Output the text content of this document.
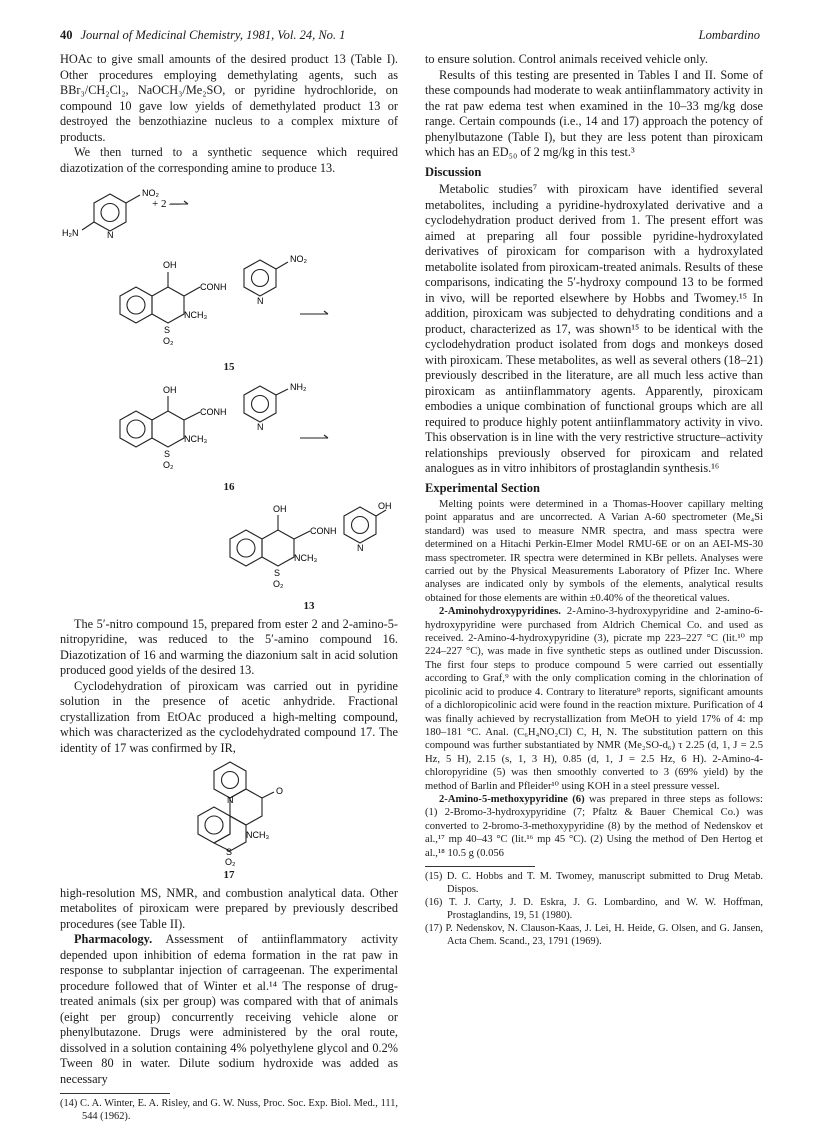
40 Journal of Medicinal Chemistry, 1981, Vol. 24, No. 1	Lombardino

HOAc to give small amounts of the desired product 13 (Table I). Other procedures employing demethylating agents, such as BBr₃/CH₂Cl₂, NaOCH₃/Me₂SO, or pyridine hydrochloride, on compound 10 gave low yields of demethylated product 13 or destroyed the benzothiazine nucleus to a complex mixture of products.

We then turned to a synthetic sequence which required diazotization of the corresponding amine to produce 13.

NO₂
H₂N	N
+ 2 —
OH
CONH
NO₂
N
NCH₃
S
O₂
15
OH
CONH
NH₂
N
NCH₃
S
O₂
16
OH
CONH
OH
N
NCH₃
S
O₂
13

The 5′-nitro compound 15, prepared from ester 2 and 2-amino-5-nitropyridine, was reduced to the 5′-amino compound 16. Diazotization of 16 and warming the diazonium salt in acid solution produced good yields of the desired 13.

Cyclodehydration of piroxicam was carried out in pyridine solution in the presence of acetic anhydride. Fractional crystallization from EtOAc produced a high-melting compound, which was characterized as the cyclodehydrated compound 17. The identity of 17 was confirmed by IR,

N
O
NCH₃
S
O₂
17

high-resolution MS, NMR, and combustion analytical data. Other metabolites of piroxicam were prepared by previously described procedures (see Table II).

Pharmacology. Assessment of antiinflammatory activity depended upon inhibition of edema formation in the rat paw in response to subplantar injection of carrageenan. The experimental procedure followed that of Winter et al.¹⁴ The response of drug-treated animals (six per group) was compared with that of animals (eight per group) concurrently receiving vehicle alone or phenylbutazone. Drugs were administered by the oral route, dissolved in a solution containing 4% polyethylene glycol and 0.2% Tween 80 in water. Dilute sodium hydroxide was added as necessary

(14) C. A. Winter, E. A. Risley, and G. W. Nuss, Proc. Soc. Exp. Biol. Med., 111, 544 (1962).

to ensure solution. Control animals received vehicle only.

Results of this testing are presented in Tables I and II. Some of these compounds had moderate to weak antiinflammatory activity in the rat paw edema test when examined in the 10–33 mg/kg dose range. Certain compounds (i.e., 14 and 17) approach the potency of phenylbutazone (Table I), but they are less potent than piroxicam which has an ED₅₀ of 2 mg/kg in this test.³

Discussion

Metabolic studies⁷ with piroxicam have identified several metabolites, including a pyridine-hydroxylated derivative and a cyclodehydration product derived from 1. The present effort was aimed at preparing all four possible pyridine-hydroxylated derivatives of piroxicam for comparison with a hydroxylated metabolite isolated from piroxicam-treated animals. Results of these comparisons, indicating the 5′-hydroxy compound 13 to be formed in vivo, will be reported elsewhere by Hobbs and Twomey.¹⁵ In addition, piroxicam was subjected to dehydrating conditions and a product, characterized as 17, was shown¹⁵ to be identical with the cyclodehydration product isolated from dogs and monkeys dosed with piroxicam. These metabolites, as well as several others (18–21) previously described in the literature, are all much less active than piroxicam as antiinflammatory agents. Apparently, piroxicam embodies a unique combination of functional groups which are all required to produce highly potent antiinflammatory activity in vivo. This observation is in line with the very restrictive structure–activity relationships previously observed for piroxicam and related analogues as in vitro inhibitors of prostaglandin synthesis.¹⁶

Experimental Section

Melting points were determined in a Thomas-Hoover capillary melting point apparatus and are uncorrected. A Varian A-60 spectrometer (Me₄Si standard) was used to measure NMR spectra, and mass spectra were determined on a Hitachi Perkin-Elmer Model RMU-6E or on an AEI-MS-30 mass spectrometer. IR spectra were determined in KBr pellets. Analyses were carried out by the Physical Measurements Laboratory of Pfizer Inc. Where analyses are indicated only by symbols of the elements, analytical results obtained for those elements are within ±0.40% of the theoretical values.

2-Aminohydroxypyridines. 2-Amino-3-hydroxypyridine and 2-amino-6-hydroxypyridine were purchased from Aldrich Chemical Co. and used as received. 2-Amino-4-hydroxypyridine (3), picrate mp 223–227 °C (lit.¹⁰ mp 224–227 °C), was made in five synthetic steps as outlined under Discussion. The first four steps to produce compound 5 were carried out essentially according to Graf,⁹ with the only complication coming in the chlorination of picolinic acid to produce 4. Contrary to literature⁹ reports, significant amounts of a dichloropicolinic acid were found in the reaction mixture. Purification of 4 was finally achieved by recrystallization from MeOH to yield 17% of 4: mp 180–181 °C. Anal. (C₆H₄NO₂Cl) C, H, N. The substitution pattern on this compound was further substantiated by NMR (Me₂SO-d₆) τ 2.25 (d, 1, J = 2.5 Hz, 5 H), 2.15 (s, 1, 3 H), 0.85 (d, 1, J = 2.5 Hz, 6 H). 2-Amino-4-chloropyridine (5) was then smoothly converted to 3 (69% yield) by the method of Barlin and Pfleider¹⁰ using KOH in a steel pressure vessel.

2-Amino-5-methoxypyridine (6) was prepared in three steps as follows: (1) 2-Bromo-3-hydroxypyridine (7; Pfaltz & Bauer Chemical Co.) was converted to 2-bromo-3-methoxypyridine (8) by the method of Nedenskov et al.,¹⁷ mp 40–43 °C (lit.¹⁶ mp 45 °C). (2) Using the method of Den Hertog et al.,¹⁸ 10.5 g (0.056

(15) D. C. Hobbs and T. M. Twomey, manuscript submitted to Drug Metab. Dispos.

(16) T. J. Carty, J. D. Eskra, J. G. Lombardino, and W. W. Hoffman, Prostaglandins, 19, 51 (1980).

(17) P. Nedenskov, N. Clauson-Kaas, J. Lei, H. Heide, G. Olsen, and G. Jansen, Acta Chem. Scand., 23, 1791 (1969).
